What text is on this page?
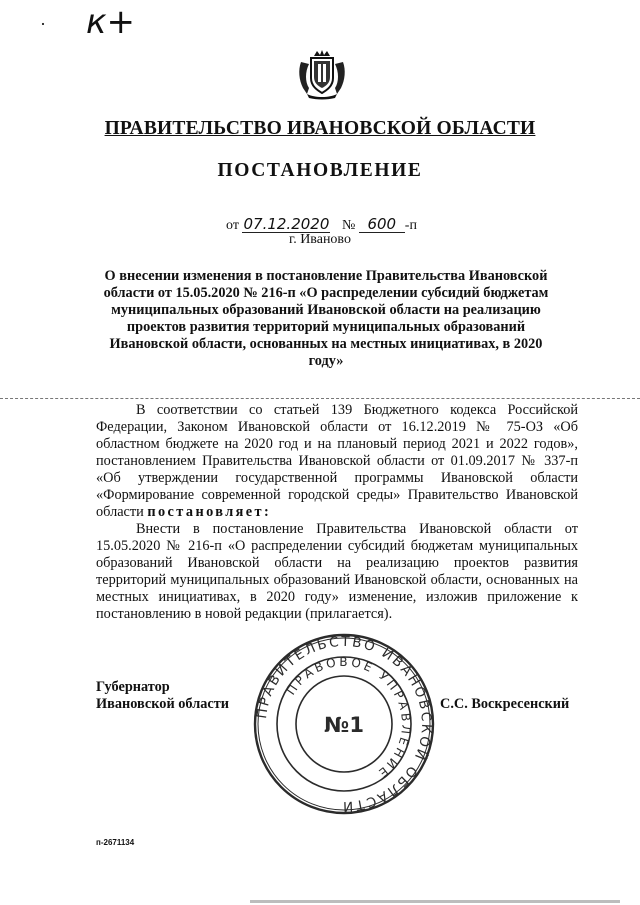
к+
·
ПРАВИТЕЛЬСТВО ИВАНОВСКОЙ ОБЛАСТИ
ПОСТАНОВЛЕНИЕ
от 07.12.2020 № 600 -п
г. Иваново
О внесении изменения в постановление Правительства Ивановской области от 15.05.2020 № 216-п «О распределении субсидий бюджетам муниципальных образований Ивановской области на реализацию проектов развития территорий муниципальных образований Ивановской области, основанных на местных инициативах, в 2020 году»

В соответствии со статьей 139 Бюджетного кодекса Российской Федерации, Законом Ивановской области от 16.12.2019 № 75-ОЗ «Об областном бюджете на 2020 год и на плановый период 2021 и 2022 годов», постановлением Правительства Ивановской области от 01.09.2017 № 337-п «Об утверждении государственной программы Ивановской области «Формирование современной городской среды» Правительство Ивановской области постановляет:

Внести в постановление Правительства Ивановской области от 15.05.2020 № 216-п «О распределении субсидий бюджетам муниципальных образований Ивановской области на реализацию проектов развития территорий муниципальных образований Ивановской области, основанных на местных инициативах, в 2020 году» изменение, изложив приложение к постановлению в новой редакции (прилагается).

Губернатор
Ивановской области
ПРАВИТЕЛЬСТВО ИВАНОВСКОЙ ОБЛАСТИ
ПРАВОВОЕ УПРАВЛЕНИЕ
№1
С.С. Воскресенский
п-2671134
